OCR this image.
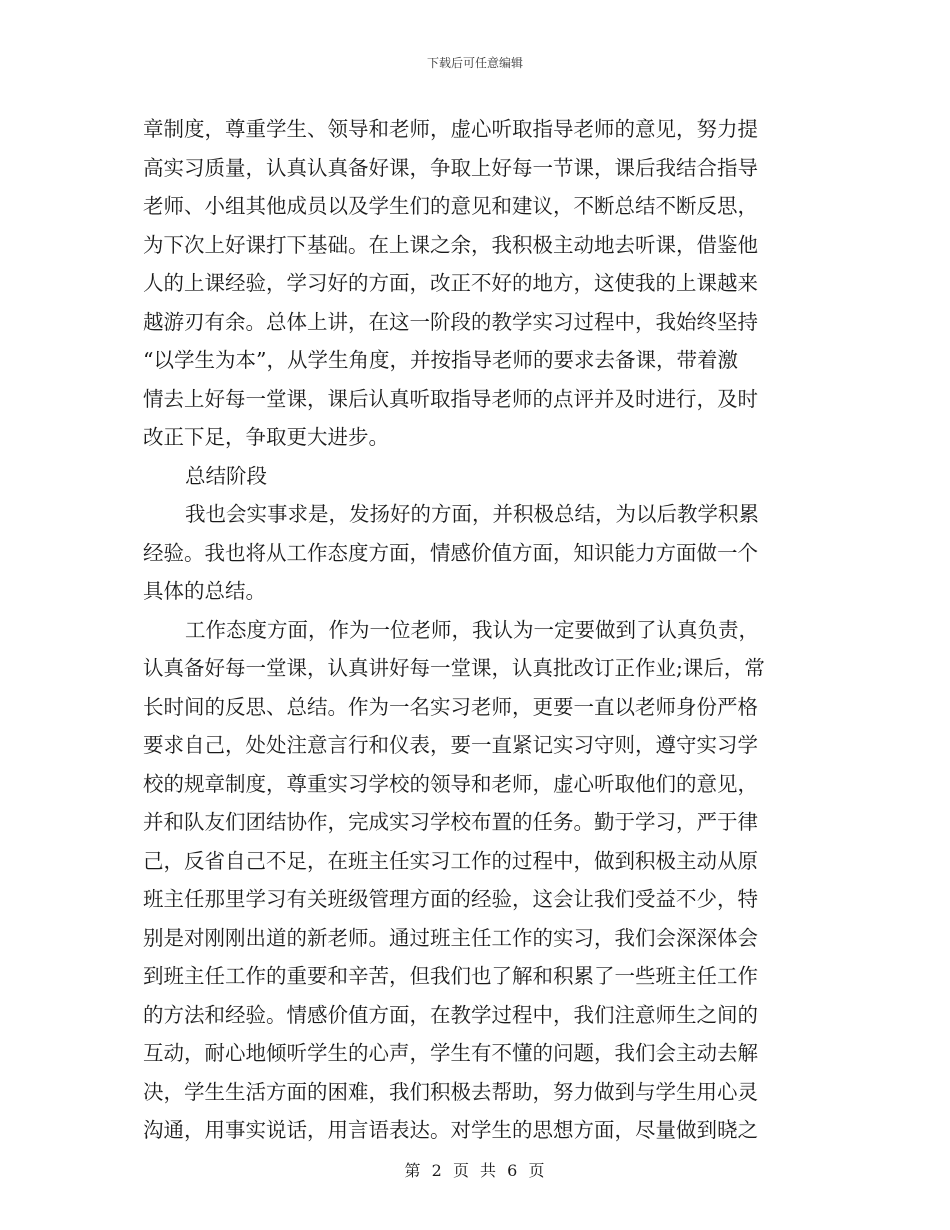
下载后可任意编辑
章制度，尊重学生、领导和老师，虚心听取指导老师的意见，努力提
高实习质量，认真认真备好课，争取上好每一节课，课后我结合指导
老师、小组其他成员以及学生们的意见和建议，不断总结不断反思，
为下次上好课打下基础。在上课之余，我积极主动地去听课，借鉴他
人的上课经验，学习好的方面，改正不好的地方，这使我的上课越来
越游刃有余。总体上讲，在这一阶段的教学实习过程中，我始终坚持
“以学生为本”，从学生角度，并按指导老师的要求去备课，带着激
情去上好每一堂课，课后认真听取指导老师的点评并及时进行，及时
改正下足，争取更大进步。
总结阶段
我也会实事求是，发扬好的方面，并积极总结，为以后教学积累
经验。我也将从工作态度方面，情感价值方面，知识能力方面做一个
具体的总结。
工作态度方面，作为一位老师，我认为一定要做到了认真负责，
认真备好每一堂课，认真讲好每一堂课，认真批改订正作业;课后，常
长时间的反思、总结。作为一名实习老师，更要一直以老师身份严格
要求自己，处处注意言行和仪表，要一直紧记实习守则，遵守实习学
校的规章制度，尊重实习学校的领导和老师，虚心听取他们的意见，
并和队友们团结协作，完成实习学校布置的任务。勤于学习，严于律
己，反省自己不足，在班主任实习工作的过程中，做到积极主动从原
班主任那里学习有关班级管理方面的经验，这会让我们受益不少，特
别是对刚刚出道的新老师。通过班主任工作的实习，我们会深深体会
到班主任工作的重要和辛苦，但我们也了解和积累了一些班主任工作
的方法和经验。情感价值方面，在教学过程中，我们注意师生之间的
互动，耐心地倾听学生的心声，学生有不懂的问题，我们会主动去解
决，学生生活方面的困难，我们积极去帮助，努力做到与学生用心灵
沟通，用事实说话，用言语表达。对学生的思想方面，尽量做到晓之
第 2 页 共 6 页
